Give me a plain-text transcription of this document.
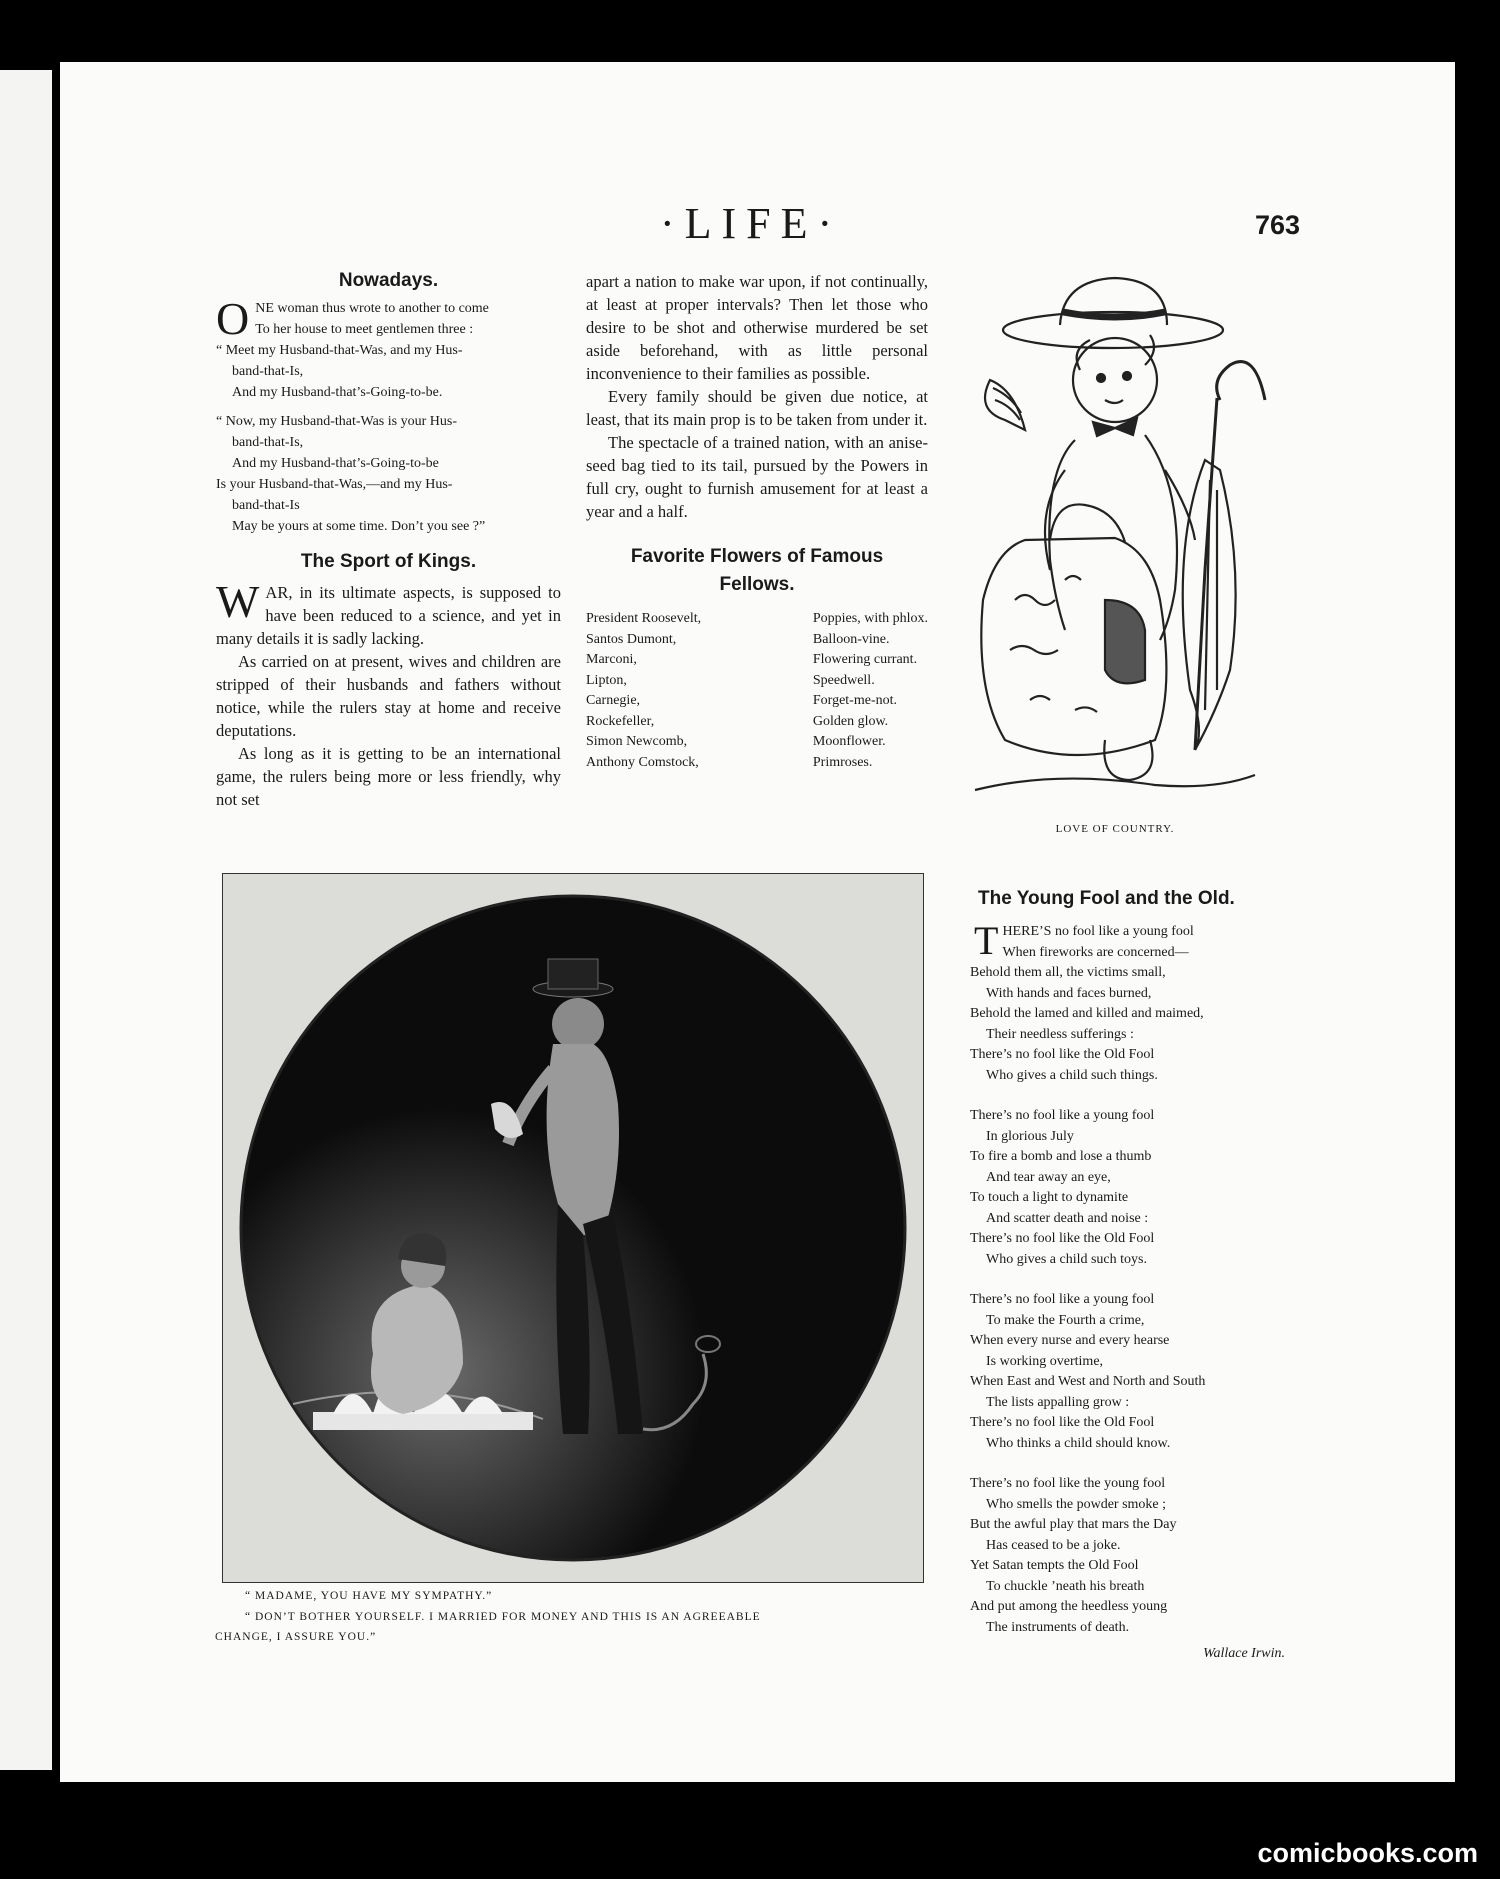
·LIFE·	763
Nowadays.
O NE woman thus wrote to another to come
To her house to meet gentlemen three :
“ Meet my Husband-that-Was, and my Hus-
band-that-Is,
And my Husband-that’s-Going-to-be.
“ Now, my Husband-that-Was is your Hus-
band-that-Is,
And my Husband-that’s-Going-to-be
Is your Husband-that-Was,—and my Hus-
band-that-Is
May be yours at some time. Don’t you see ?”
The Sport of Kings.

WAR, in its ultimate aspects, is supposed to have been reduced to a science, and yet in many details it is sadly lacking.

As carried on at present, wives and children are stripped of their husbands and fathers without notice, while the rulers stay at home and receive deputations.

As long as it is getting to be an international game, the rulers being more or less friendly, why not set

apart a nation to make war upon, if not continually, at least at proper intervals? Then let those who desire to be shot and otherwise murdered be set aside beforehand, with as little personal inconvenience to their families as possible.

Every family should be given due notice, at least, that its main prop is to be taken from under it.

The spectacle of a trained nation, with an anise-seed bag tied to its tail, pursued by the Powers in full cry, ought to furnish amusement for at least a year and a half.

Favorite Flowers of Famous Fellows.
President Roosevelt,
Santos Dumont,
Marconi,
Lipton,
Carnegie,
Rockefeller,
Simon Newcomb,
Anthony Comstock,
Poppies, with phlox.
Balloon-vine.
Flowering currant.
Speedwell.
Forget-me-not.
Golden glow.
Moonflower.
Primroses.
LOVE OF COUNTRY.
“ MADAME, YOU HAVE MY SYMPATHY.”
“ DON’T BOTHER YOURSELF. I MARRIED FOR MONEY AND THIS IS AN AGREEABLE
CHANGE, I ASSURE YOU.”
The Young Fool and the Old.
T HERE’S no fool like a young fool
When fireworks are concerned—
Behold them all, the victims small,
With hands and faces burned,
Behold the lamed and killed and maimed,
Their needless sufferings :
There’s no fool like the Old Fool
Who gives a child such things.
There’s no fool like a young fool
In glorious July
To fire a bomb and lose a thumb
And tear away an eye,
To touch a light to dynamite
And scatter death and noise :
There’s no fool like the Old Fool
Who gives a child such toys.
There’s no fool like a young fool
To make the Fourth a crime,
When every nurse and every hearse
Is working overtime,
When East and West and North and South
The lists appalling grow :
There’s no fool like the Old Fool
Who thinks a child should know.
There’s no fool like the young fool
Who smells the powder smoke ;
But the awful play that mars the Day
Has ceased to be a joke.
Yet Satan tempts the Old Fool
To chuckle ’neath his breath
And put among the heedless young
The instruments of death.
Wallace Irwin.
comicbooks.com
